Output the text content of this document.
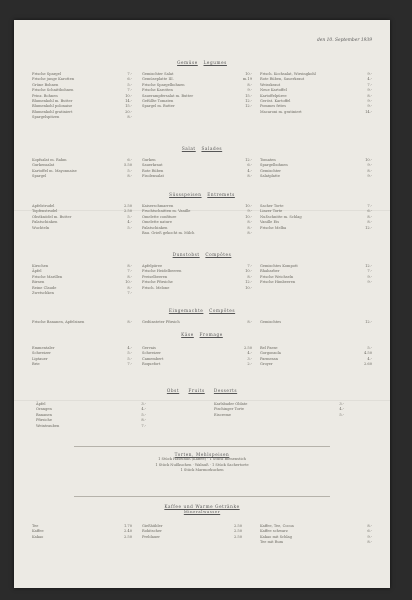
den 10. September 1939
Gemüse Legumes
Frische Spargel	7.-
Frische junge Karotten	6.-
Grüne Bohnen	5.-
Frische Schnittbohnen	7.-
Prinz. Bohnen	10.-
Blumenkohl m. Butter	14.-
Blumenkohl polonaise	15.-
Blumenkohl gratiniert	20.-
Spargelspitzen	8.-
Gemischter Salat	10.-
Gemüseplatte III.	m.19
Frische Spargelbohnen	8.-
Frische Karotten	9.-
Sauerampfersalat m. Butter	15.-
Gefüllte Tomaten	12.-
Spargel m. Butter	12.-
Frisch. Kochsalat, Wirsingkohl	9.-
Rote Rüben, Sauerkraut	4.-
Weisskraut	7.-
Neue Kartoffel	9.-
Kartoffelpüree	8.-
Geröst. Kartoffel	9.-
Pommes frites	9.-
Macaroni m. gratiniert	14.-
Salat Salades
Kopfsalat m. Rahm	6.-
Gurkensalat	5.50
Kartoffel m. Mayonnaise	5.-
Spargel	8.-
Gurken	12.-
Sauerkraut	6.-
Rote Rüben	4.-
Fisolensalat	8.-
Tomaten	10.-
Spargelbohnen	9.-
Gemischter	8.-
Salatplatte	9.-
Süssspeisen Entremets
Apfelstrudel	2.50
Topfenstrudel	2.50
Obstknödel m. Butter	5.-
Palatschinken	4.-
Wuchteln	5.-
Kaiserschmarren	10.-
Fruchtschnitten m. Vanille	9.-
Omelette confiture	10.-
Omelette nature	8.-
Palatschinken	8.-
Bau. Grieß gekocht m. Milch	8.-
Sacher Torte	7.-
Linzer Torte	6.-
Nußschnitte m. Schlag	8.-
Vanille Eis	8.-
Frische Melba	12.-
Dunstobst Compôtes
Kirschen	8.-
Äpfel	7.-
Frische Marillen	8.-
Birnen	10.-
Reine Claude	8.-
Zwetschken	7.-
Apfelpüree	7.-
Frische Heidelbeeren	10.-
Preiselbeeren	8.-
Frische Pfirsiche	12.-
Frisch. Melone	10.-
Gemischtes Kompott	12.-
Rhabarber	7.-
Frische Weichseln	9.-
Frische Himbeeren	9.-
Eingemachte Compôtes
Frische Bananen, Apfelsinen	8.-	Gedünsteter Pfirsich	8.- Gemischtes	12.-
Käse Fromage
Emmentaler	4.-
Schweizer	5.-
Liptauer	5.-
Brie	7.-
Gervais	2.50
Schweizer	4.-
Camembert	3.-
Roquefort	2.-
Bel Paese	5.-
Gorgonzola	4.50
Parmesan	4.-
Groyer	2.60
Obst Fruits Desserts
Äpfel	3.-
Orangen	4.-
Bananen	5.-
Pfirsiche	8.-
Weintrauben	7.-
Karlsbader Oblate	3.-
Pischinger Torte	4.-
Eiscreme	5.-
Torten, Mehlspeisen
1 Stück Haselnuß (Kaffee) · 1 Stück Bienenstich
1 Stück Nußkuchen · Walnuß · 1 Stück Sachertorte
1 Stück Marmorkuchen
Kaffee und Warme Getränke
Mineralwasser
Tee	1.70
Kaffee	2.40
Kakao	2.50
Gießhübler	2.50
Rohitscher	2.50
Preblauer	2.50
Kaffee, Tee, Cocoa	8.-
Kaffee schwarz	6.-
Kakao mit Schlag	9.-
Tee mit Rum	8.-
